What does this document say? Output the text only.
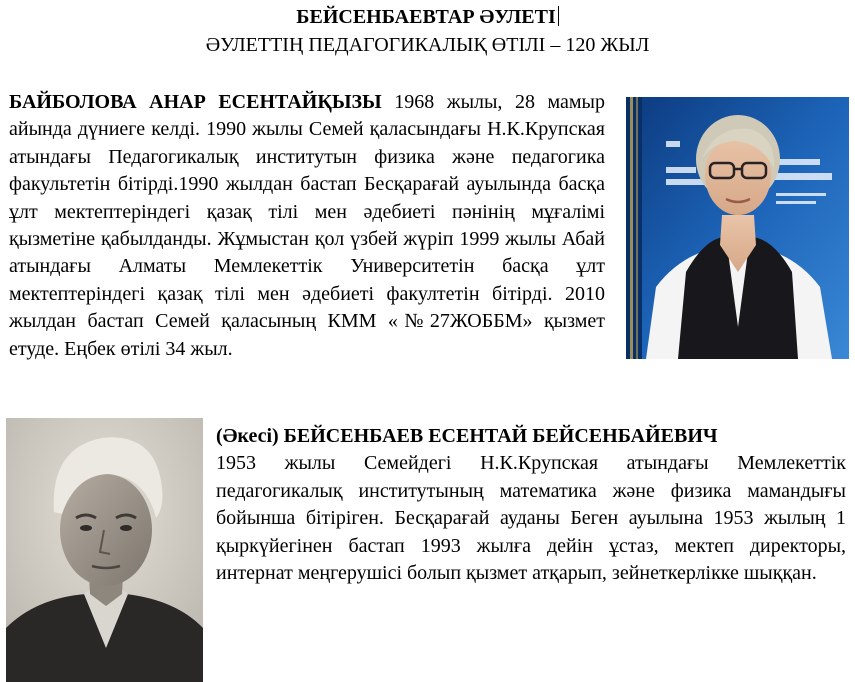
БЕЙСЕНБАЕВТАР ӘУЛЕТІ
ӘУЛЕТТІҢ ПЕДАГОГИКАЛЫҚ ӨТІЛІ – 120 ЖЫЛ
БАЙБОЛОВА АНАР ЕСЕНТАЙҚЫЗЫ 1968 жылы, 28 мамыр айында дүниеге келді. 1990 жылы Семей қаласындағы Н.К.Крупская атындағы Педагогикалық институтын физика және педагогика факультетін бітірді.1990 жылдан бастап Бесқарағай ауылында басқа ұлт мектептеріндегі қазақ тілі мен әдебиеті пәнінің мұғалімі қызметіне қабылданды. Жұмыстан қол үзбей жүріп 1999 жылы Абай атындағы Алматы Мемлекеттік Университетін басқа ұлт мектептеріндегі қазақ тілі мен әдебиеті факултетін бітірді. 2010 жылдан бастап Семей қаласының КММ «№27ЖОББМ» қызмет етуде. Еңбек өтілі 34 жыл.
(Әкесі) БЕЙСЕНБАЕВ ЕСЕНТАЙ БЕЙСЕНБАЙЕВИЧ
1953 жылы Семейдегі Н.К.Крупская атындағы Мемлекеттік педагогикалық институтының математика және физика мамандығы бойынша бітіріген. Бесқарағай ауданы Беген ауылына 1953 жылың 1 қыркүйегінен бастап 1993 жылға дейін ұстаз, мектеп директоры, интернат меңгерушісі болып қызмет атқарып, зейнеткерлікке шыққан.
